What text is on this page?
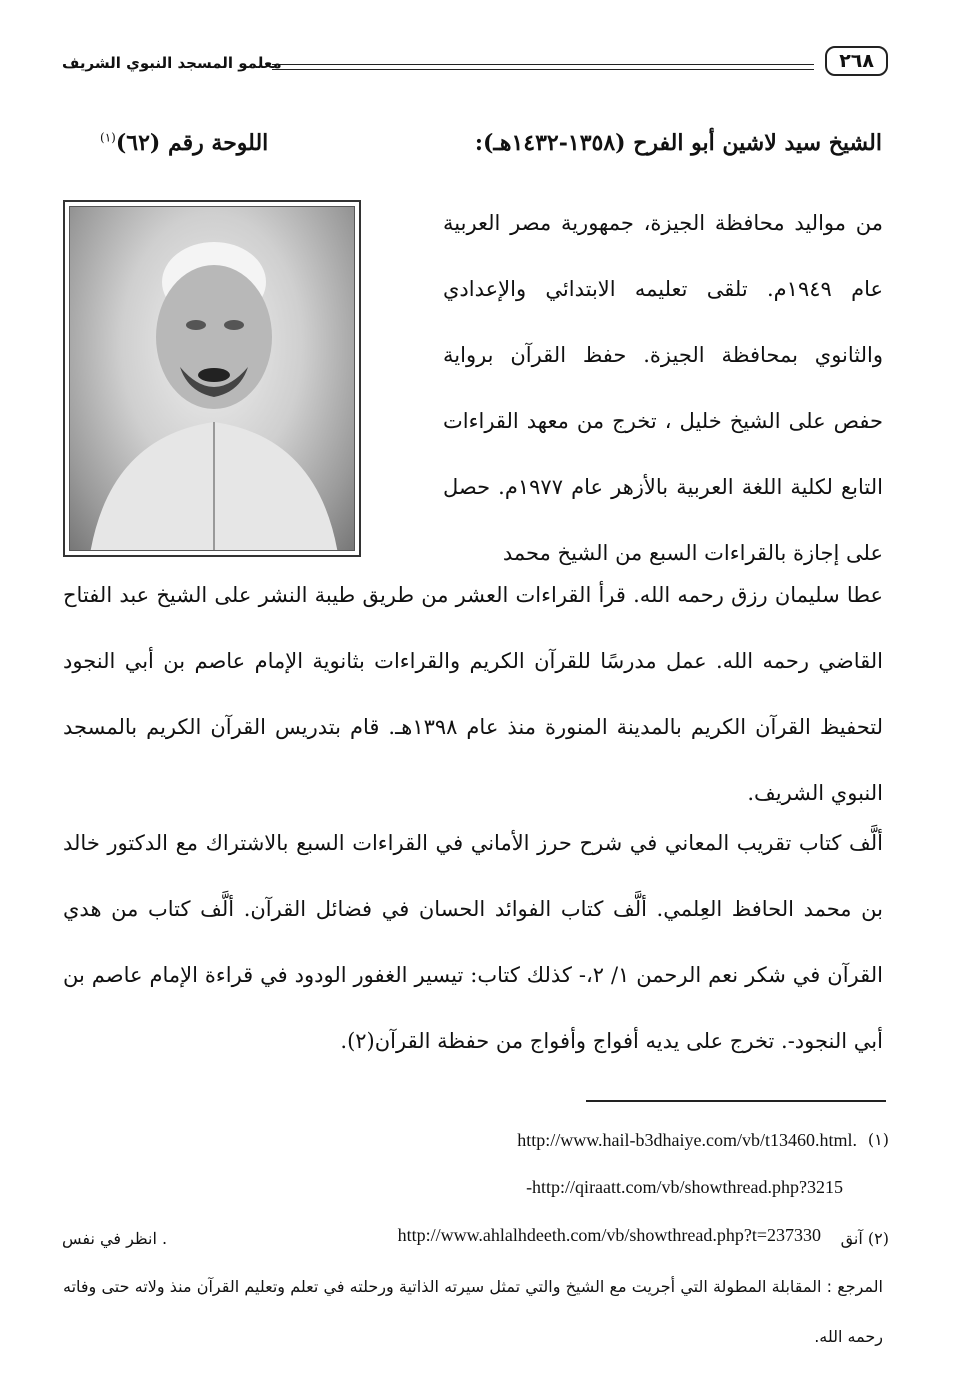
٢٦٨
معلمو المسجد النبوي الشريف
الشيخ سيد لاشين أبو الفرح (١٣٥٨-١٤٣٢هـ):
اللوحة رقم (٦٢)$^{(١)}$
من مواليد محافظة الجيزة، جمهورية مصر العربية عام ١٩٤٩م. تلقى تعليمه الابتدائي والإعدادي والثانوي بمحافظة الجيزة. حفظ القرآن برواية حفص على الشيخ خليل ، تخرج من معهد القراءات التابع لكلية اللغة العربية بالأزهر عام ١٩٧٧م. حصل على إجازة بالقراءات السبع من الشيخ محمد
عطا سليمان رزق رحمه الله. قرأ القراءات العشر من طريق طيبة النشر على الشيخ عبد الفتاح القاضي رحمه الله. عمل مدرسًا للقرآن الكريم والقراءات بثانوية الإمام عاصم بن أبي النجود لتحفيظ القرآن الكريم بالمدينة المنورة منذ عام ١٣٩٨هـ. قام بتدريس القرآن الكريم بالمسجد النبوي الشريف.
ألَّف كتاب تقريب المعاني في شرح حرز الأماني في القراءات السبع بالاشتراك مع الدكتور خالد بن محمد الحافظ العِلمي. ألَّف كتاب الفوائد الحسان في فضائل القرآن. ألَّف كتاب من هدي القرآن في شكر نعم الرحمن ١/ ٢،- كذلك كتاب: تيسير الغفور الودود في قراءة الإمام عاصم بن أبي النجود-. تخرج على يديه أفواج وأفواج من حفظة القرآن(٢).
(١)
http://www.hail-b3dhaiye.com/vb/t13460.html.
-http://qiraatt.com/vb/showthread.php?3215
(٢) آنق
http://www.ahlalhdeeth.com/vb/showthread.php?t=237330
. انظر في نفس
المرجع : المقابلة المطولة التي أجريت مع الشيخ والتي تمثل سيرته الذاتية ورحلته في تعلم وتعليم القرآن منذ ولاته حتى وفاته رحمه الله.
